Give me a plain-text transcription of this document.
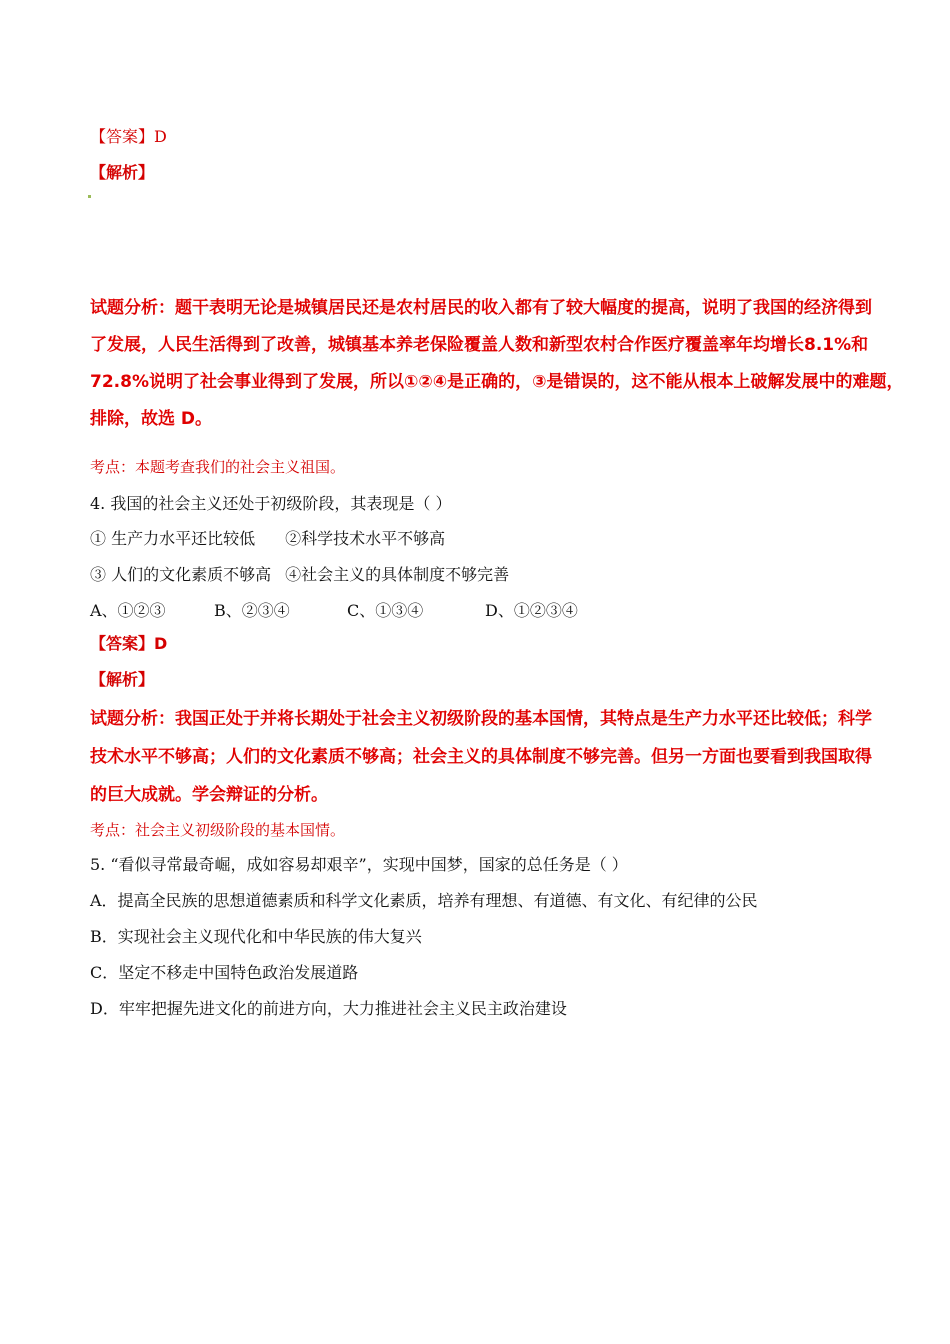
【答案】D
【解析】
试题分析：题干表明无论是城镇居民还是农村居民的收入都有了较大幅度的提高，说明了我国的经济得到
了发展，人民生活得到了改善，城镇基本养老保险覆盖人数和新型农村合作医疗覆盖率年均增长8.1%和
72.8%说明了社会事业得到了发展，所以①②④是正确的，③是错误的，这不能从根本上破解发展中的难题，
排除，故选 D。
考点：本题考查我们的社会主义祖国。
4. 我国的社会主义还处于初级阶段，其表现是（ ）
① 生产力水平还比较低 ②科学技术水平不够高
③ 人们的文化素质不够高 ④社会主义的具体制度不够完善
A、①②③	B、②③④	C、①③④	D、①②③④
【答案】D
【解析】
试题分析：我国正处于并将长期处于社会主义初级阶段的基本国情，其特点是生产力水平还比较低；科学
技术水平不够高；人们的文化素质不够高；社会主义的具体制度不够完善。但另一方面也要看到我国取得
的巨大成就。学会辩证的分析。
考点：社会主义初级阶段的基本国情。
5. “看似寻常最奇崛，成如容易却艰辛”，实现中国梦，国家的总任务是（ ）
A．提高全民族的思想道德素质和科学文化素质，培养有理想、有道德、有文化、有纪律的公民
B．实现社会主义现代化和中华民族的伟大复兴
C．坚定不移走中国特色政治发展道路
D．牢牢把握先进文化的前进方向，大力推进社会主义民主政治建设
